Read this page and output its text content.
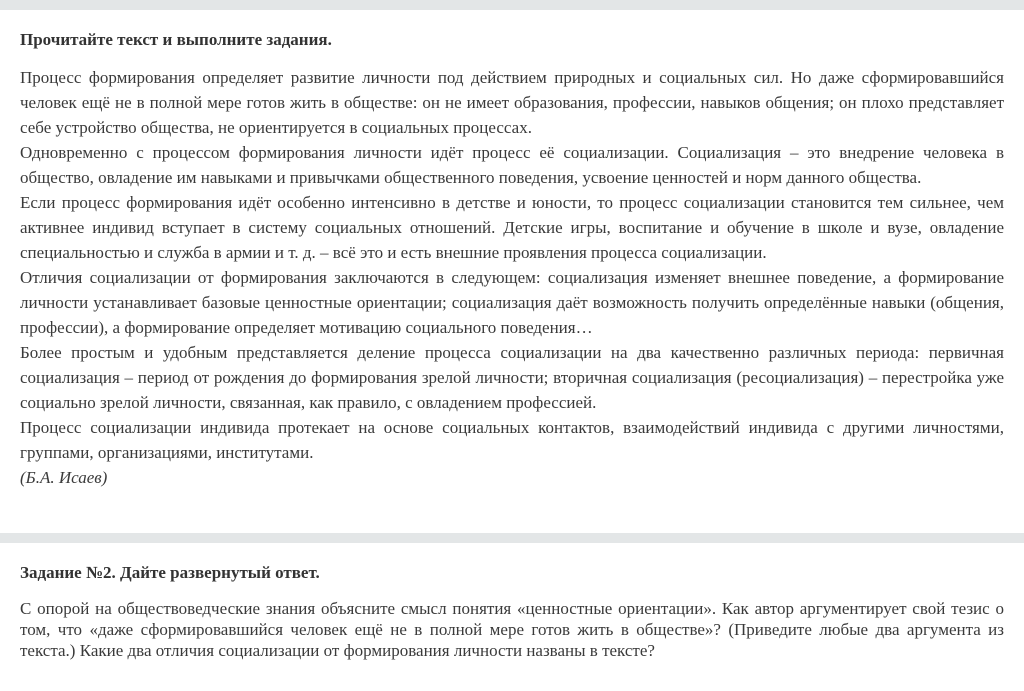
Прочитайте текст и выполните задания.

Процесс формирования определяет развитие личности под действием природных и социальных сил. Но даже сформировавшийся человек ещё не в полной мере готов жить в обществе: он не имеет образования, профессии, навыков общения; он плохо представляет себе устройство общества, не ориентируется в социальных процессах.

Одновременно с процессом формирования личности идёт процесс её социализации. Социализация – это внедрение человека в общество, овладение им навыками и привычками общественного поведения, усвоение ценностей и норм данного общества.

Если процесс формирования идёт особенно интенсивно в детстве и юности, то процесс социализации становится тем сильнее, чем активнее индивид вступает в систему социальных отношений. Детские игры, воспитание и обучение в школе и вузе, овладение специальностью и служба в армии и т. д. – всё это и есть внешние проявления процесса социализации.

Отличия социализации от формирования заключаются в следующем: социализация изменяет внешнее поведение, а формирование личности устанавливает базовые ценностные ориентации; социализация даёт возможность получить определённые навыки (общения, профессии), а формирование определяет мотивацию социального поведения…

Более простым и удобным представляется деление процесса социализации на два качественно различных периода: первичная социализация – период от рождения до формирования зрелой личности; вторичная социализация (ресоциализация) – перестройка уже социально зрелой личности, связанная, как правило, с овладением профессией.

Процесс социализации индивида протекает на основе социальных контактов, взаимодействий индивида с другими личностями, группами, организациями, институтами.

(Б.А. Исаев)

Задание №2. Дайте развернутый ответ.

С опорой на обществоведческие знания объясните смысл понятия «ценностные ориентации». Как автор аргументирует свой тезис о том, что «даже сформировавшийся человек ещё не в полной мере готов жить в обществе»? (Приведите любые два аргумента из текста.) Какие два отличия социализации от формирования личности названы в тексте?
